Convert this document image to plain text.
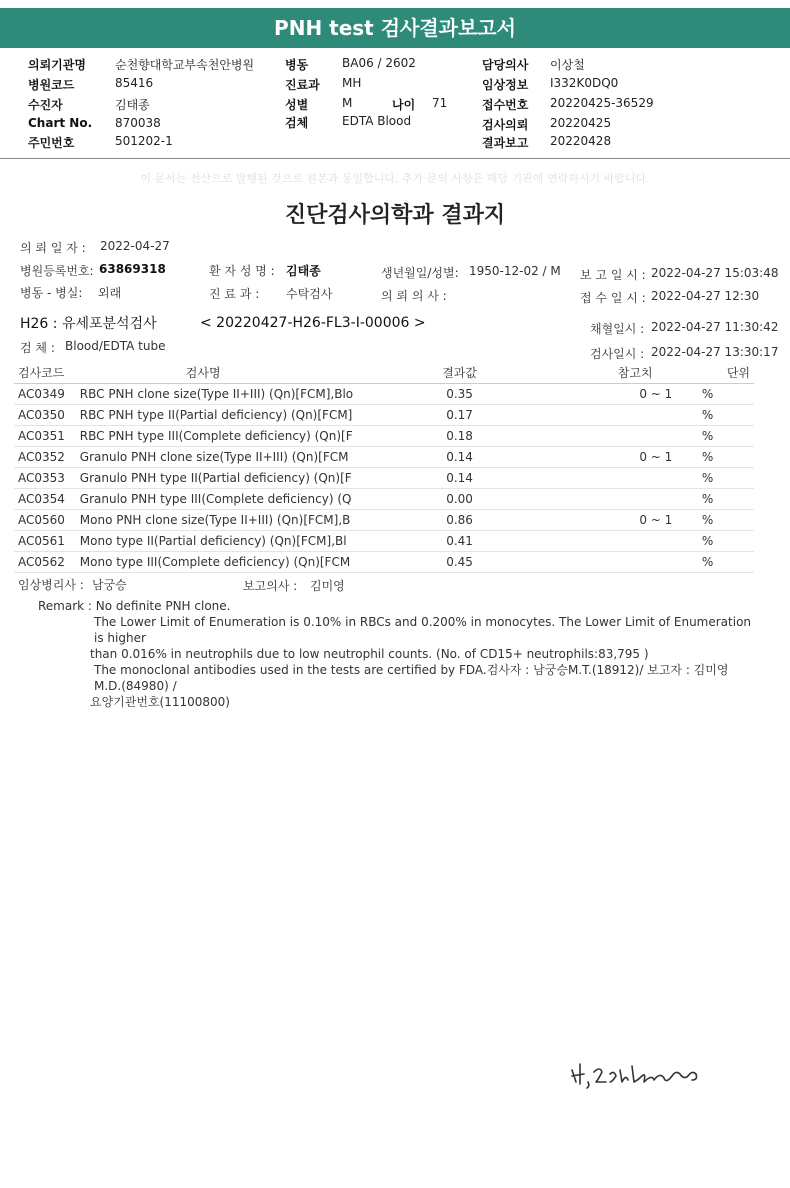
PNH test 검사결과보고서
의뢰기관명 순천향대학교부속천안병원
병원코드	85416
수진자	김태종
Chart No. 870038
주민번호	501202-1
병동	BA06 / 2602
진료과 MH
성별	M	나이 71
검체	EDTA Blood
담당의사 이상철
임상정보 I332K0DQ0
접수번호 20220425-36529
검사의뢰 20220425
결과보고 20220428
이 문서는 전산으로 발행된 것으로 원본과 동일합니다. 추가 문의 사항은 해당 기관에 연락하시기 바랍니다.
진단검사의학과 결과지
의 뢰 일 자 : 2022-04-27
병원등록번호: 63869318	환 자 성 명 : 김태종	생년월일/성별: 1950-12-02 / M 보 고 일 시 : 2022-04-27 15:03:48
병동 - 병실: 외래	진 료 과 : 수탁검사	의 뢰 의 사 :	접 수 일 시 : 2022-04-27 12:30
H26 : 유세포분석검사	< 20220427-H26-FL3-I-00006 >	채혈일시 : 2022-04-27 11:30:42
검 체 : Blood/EDTA tube
검사일시 : 2022-04-27 13:30:17
검사코드	검사명	결과값	참고치	단위
AC0349	RBC PNH clone size(Type II+III) (Qn)[FCM],Blo	0.35	0 ~ 1	%
AC0350	RBC PNH type II(Partial deficiency) (Qn)[FCM]	0.17		%
AC0351	RBC PNH type III(Complete deficiency) (Qn)[F	0.18		%
AC0352	Granulo PNH clone size(Type II+III) (Qn)[FCM	0.14	0 ~ 1	%
AC0353	Granulo PNH type II(Partial deficiency) (Qn)[F	0.14		%
AC0354	Granulo PNH type III(Complete deficiency) (Q	0.00		%
AC0560	Mono PNH clone size(Type II+III) (Qn)[FCM],B	0.86	0 ~ 1	%
AC0561	Mono type II(Partial deficiency) (Qn)[FCM],Bl	0.41		%
AC0562	Mono type III(Complete deficiency) (Qn)[FCM	0.45		%
임상병리사 : 남궁승	보고의사 : 김미영
Remark : No definite PNH clone.
The Lower Limit of Enumeration is 0.10% in RBCs and 0.200% in monocytes. The Lower Limit of Enumeration is higher
than 0.016% in neutrophils due to low neutrophil counts. (No. of CD15+ neutrophils:83,795 )
The monoclonal antibodies used in the tests are certified by FDA.검사자 : 남궁승M.T.(18912)/ 보고자 : 김미영 M.D.(84980) /
요양기관번호(11100800)
